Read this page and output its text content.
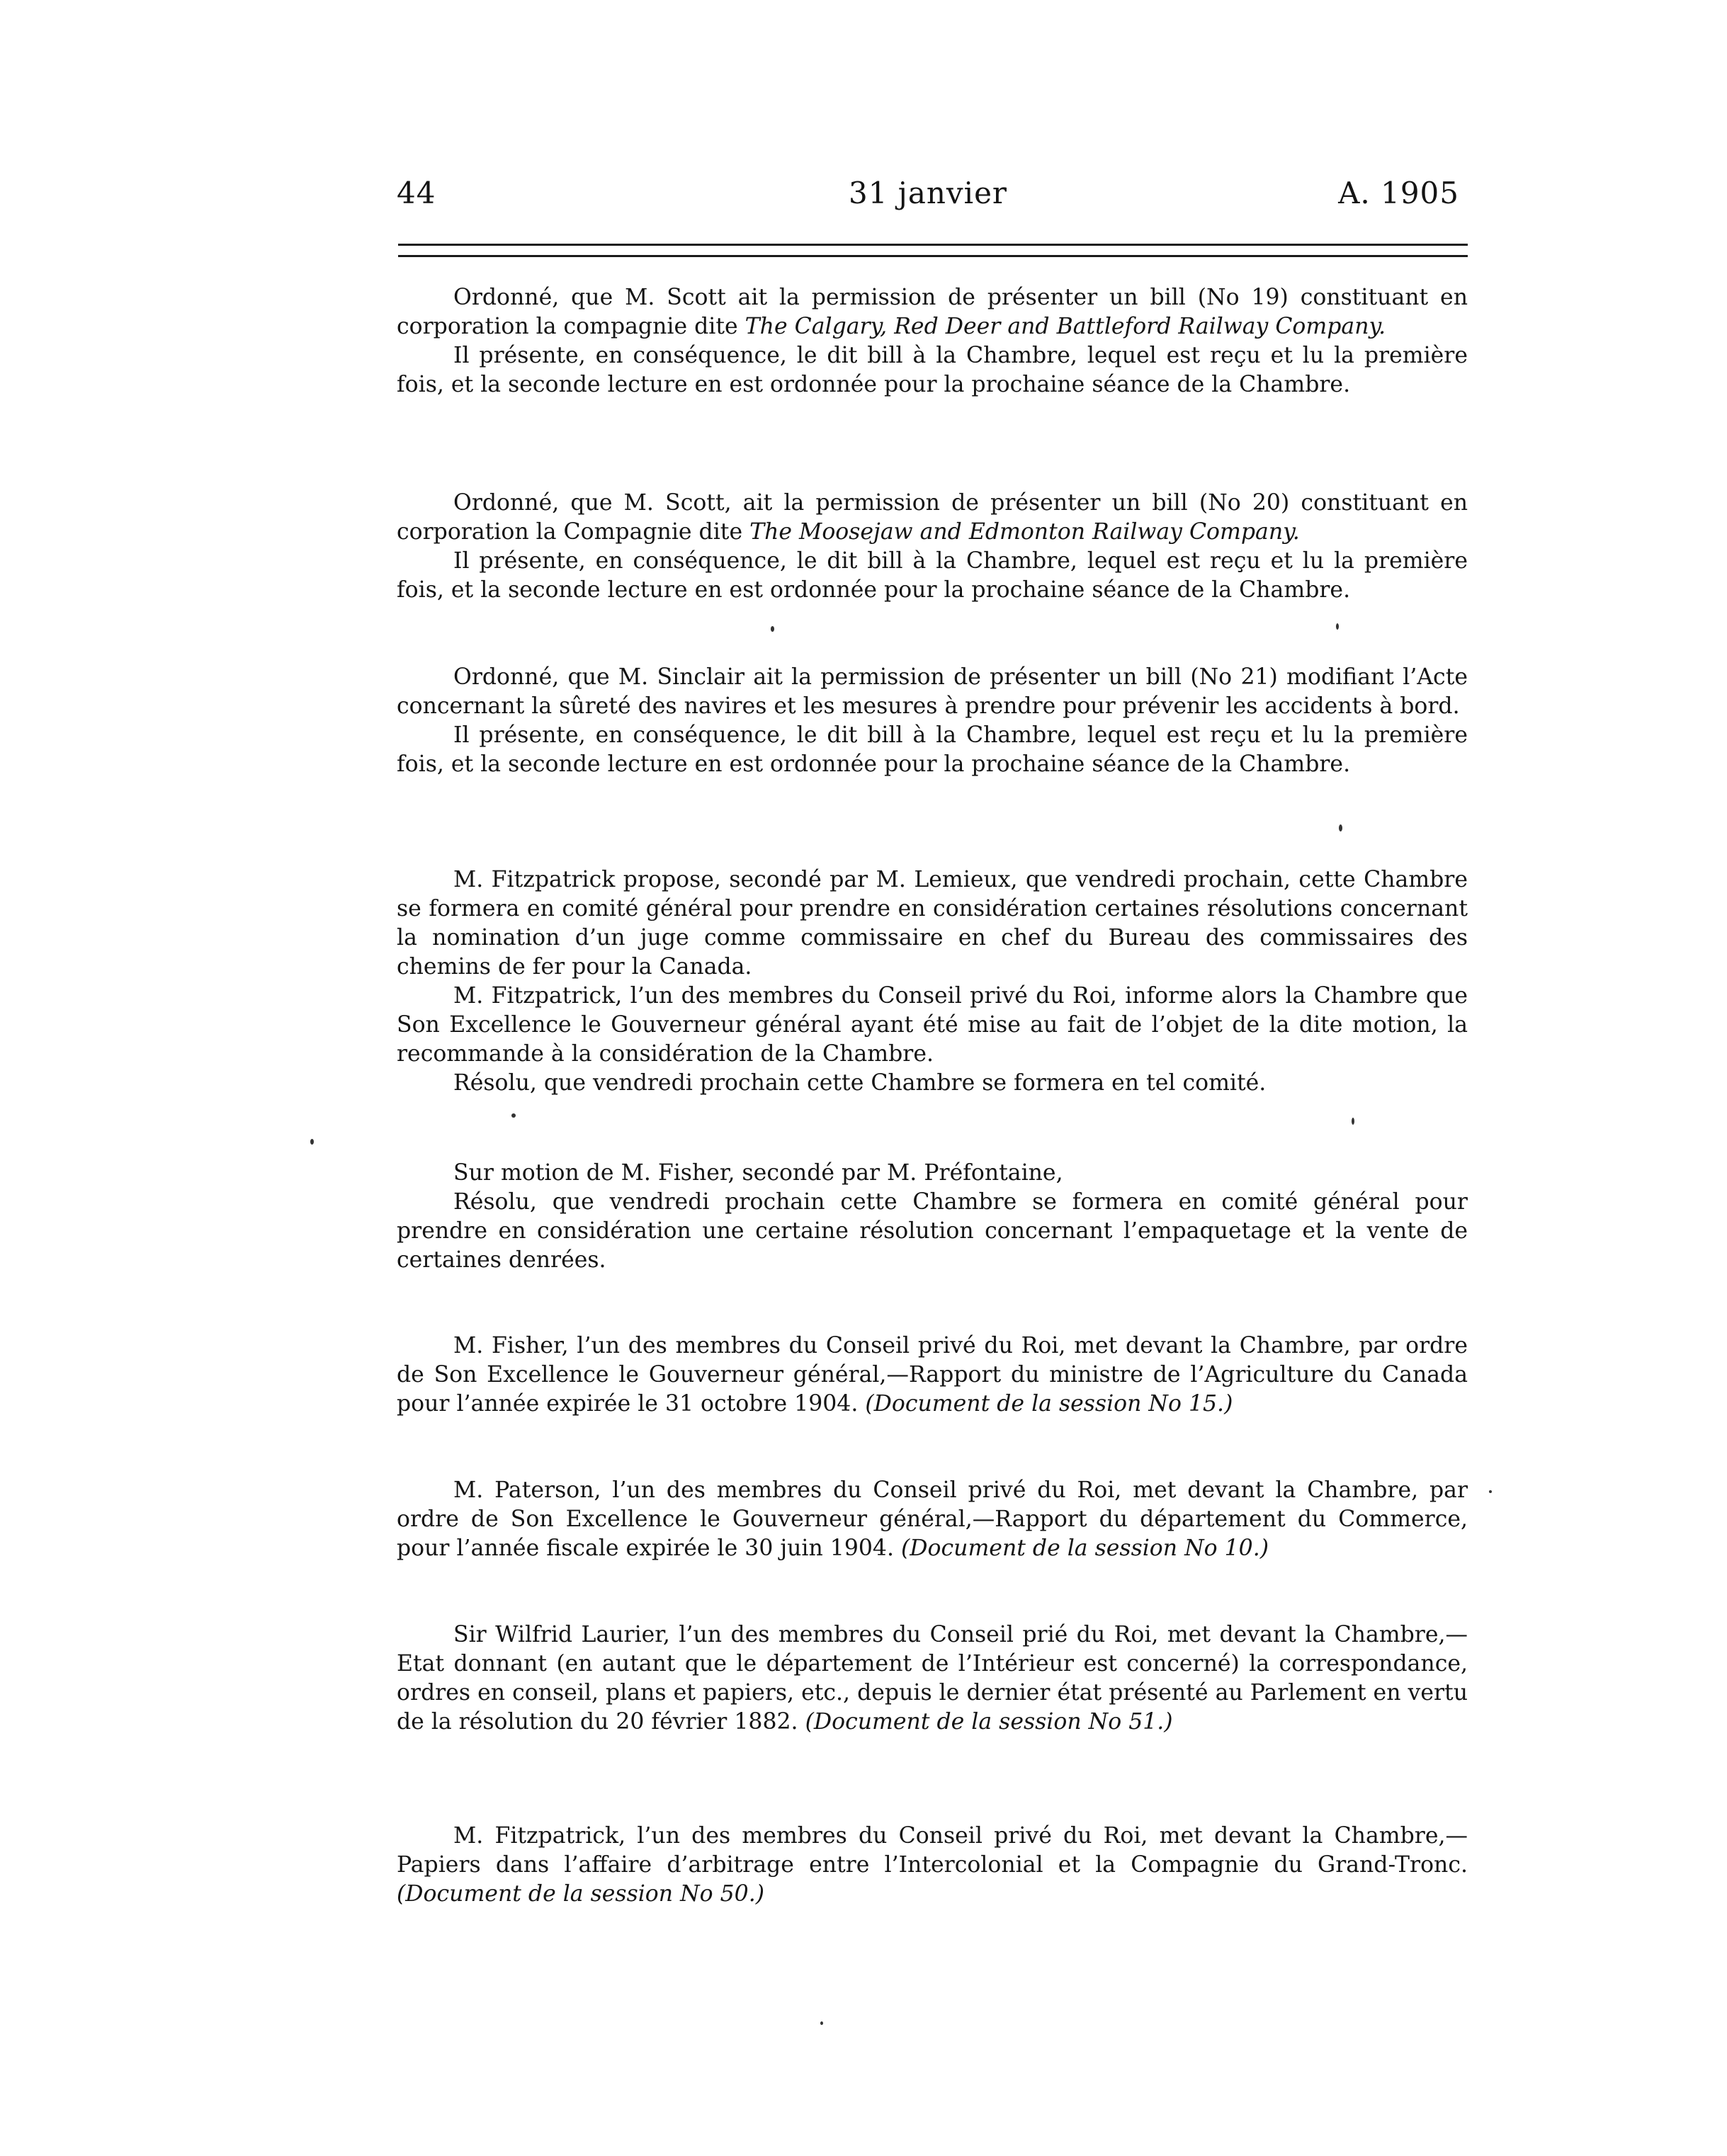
44	31 janvier	A. 1905

Ordonné, que M. Scott ait la permission de présenter un bill (No 19) constituant en corporation la compagnie dite The Calgary, Red Deer and Battleford Railway Company.

Il présente, en conséquence, le dit bill à la Chambre, lequel est reçu et lu la première fois, et la seconde lecture en est ordonnée pour la prochaine séance de la Chambre.

Ordonné, que M. Scott, ait la permission de présenter un bill (No 20) constituant en corporation la Compagnie dite The Moosejaw and Edmonton Railway Company.

Il présente, en conséquence, le dit bill à la Chambre, lequel est reçu et lu la première fois, et la seconde lecture en est ordonnée pour la prochaine séance de la Chambre.

Ordonné, que M. Sinclair ait la permission de présenter un bill (No 21) modifiant l’Acte concernant la sûreté des navires et les mesures à prendre pour prévenir les accidents à bord.

Il présente, en conséquence, le dit bill à la Chambre, lequel est reçu et lu la première fois, et la seconde lecture en est ordonnée pour la prochaine séance de la Chambre.

M. Fitzpatrick propose, secondé par M. Lemieux, que vendredi prochain, cette Chambre se formera en comité général pour prendre en considération certaines résolutions concernant la nomination d’un juge comme commissaire en chef du Bureau des commissaires des chemins de fer pour la Canada.

M. Fitzpatrick, l’un des membres du Conseil privé du Roi, informe alors la Chambre que Son Excellence le Gouverneur général ayant été mise au fait de l’objet de la dite motion, la recommande à la considération de la Chambre.

Résolu, que vendredi prochain cette Chambre se formera en tel comité.

Sur motion de M. Fisher, secondé par M. Préfontaine,

Résolu, que vendredi prochain cette Chambre se formera en comité général pour prendre en considération une certaine résolution concernant l’empaquetage et la vente de certaines denrées.

M. Fisher, l’un des membres du Conseil privé du Roi, met devant la Chambre, par ordre de Son Excellence le Gouverneur général,—Rapport du ministre de l’Agriculture du Canada pour l’année expirée le 31 octobre 1904. (Document de la session No 15.)

M. Paterson, l’un des membres du Conseil privé du Roi, met devant la Chambre, par ordre de Son Excellence le Gouverneur général,—Rapport du département du Commerce, pour l’année fiscale expirée le 30 juin 1904. (Document de la session No 10.)

Sir Wilfrid Laurier, l’un des membres du Conseil prié du Roi, met devant la Chambre,—Etat donnant (en autant que le département de l’Intérieur est concerné) la correspondance, ordres en conseil, plans et papiers, etc., depuis le dernier état présenté au Parlement en vertu de la résolution du 20 février 1882. (Document de la session No 51.)

M. Fitzpatrick, l’un des membres du Conseil privé du Roi, met devant la Chambre,—Papiers dans l’affaire d’arbitrage entre l’Intercolonial et la Compagnie du Grand-Tronc. (Document de la session No 50.)
